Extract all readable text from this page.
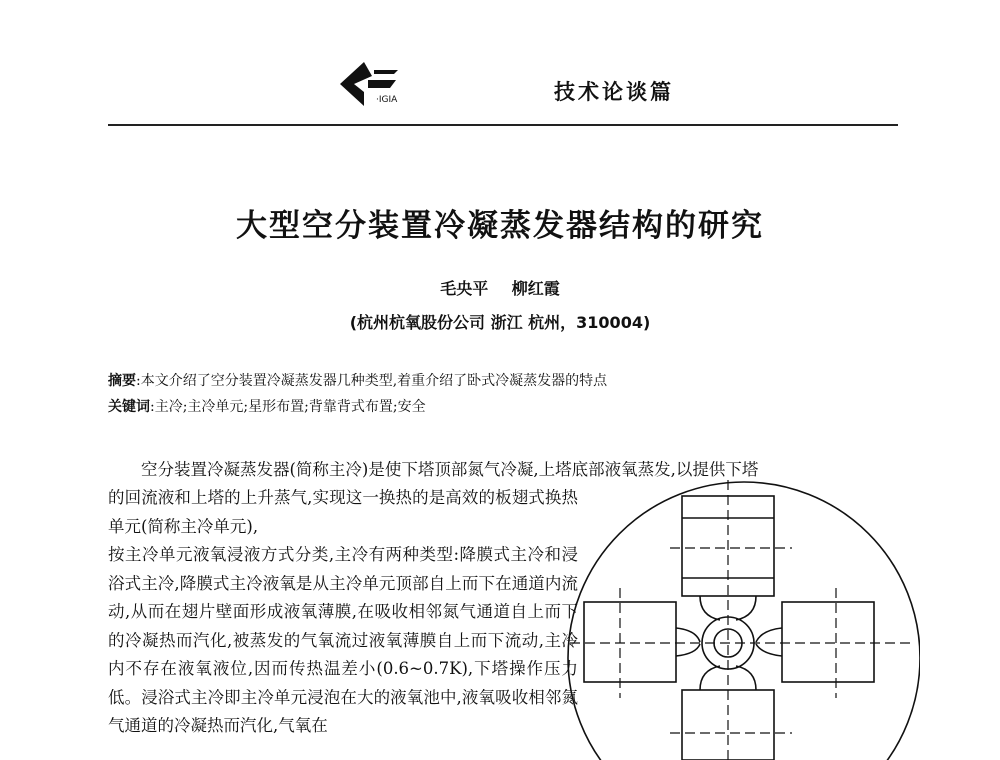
·IGIA	技术论谈篇
大型空分装置冷凝蒸发器结构的研究
毛央平 柳红霞
(杭州杭氧股份公司 浙江 杭州，310004)
摘要:本文介绍了空分装置冷凝蒸发器几种类型,着重介绍了卧式冷凝蒸发器的特点
关键词:主冷;主冷单元;星形布置;背靠背式布置;安全
空分装置冷凝蒸发器(简称主冷)是使下塔顶部氮气冷凝,上塔底部液氧蒸发,以提供下塔

的回流液和上塔的上升蒸气,实现这一换热的是高效的板翅式换热单元(简称主冷单元),

按主冷单元液氧浸液方式分类,主冷有两种类型:降膜式主冷和浸浴式主冷,降膜式主冷液氧是从主冷单元顶部自上而下在通道内流动,从而在翅片壁面形成液氧薄膜,在吸收相邻氮气通道自上而下的冷凝热而汽化,被蒸发的气氧流过液氧薄膜自上而下流动,主冷内不存在液氧液位,因而传热温差小(0.6~0.7K),下塔操作压力低。浸浴式主冷即主冷单元浸泡在大的液氧池中,液氧吸收相邻氮气通道的冷凝热而汽化,气氧在
